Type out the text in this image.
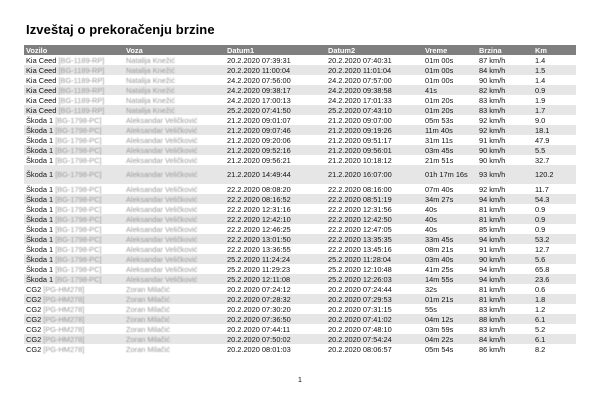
Izveštaj o prekoračenju brzine
Vozilo	Voza	Datum1	Datum2	Vreme	Brzina	Km
Kia Ceed [BG-1189-RP]	Natalija Knežić	20.2.2020 07:39:31	20.2.2020 07:40:31	01m 00s	87 km/h	1.4
Kia Ceed [BG-1189-RP]	Natalija Knežić	20.2.2020 11:00:04	20.2.2020 11:01:04	01m 00s	84 km/h	1.5
Kia Ceed [BG-1189-RP]	Natalija Knežić	24.2.2020 07:56:00	24.2.2020 07:57:00	01m 00s	90 km/h	1.4
Kia Ceed [BG-1189-RP]	Natalija Knežić	24.2.2020 09:38:17	24.2.2020 09:38:58	41s	82 km/h	0.9
Kia Ceed [BG-1189-RP]	Natalija Knežić	24.2.2020 17:00:13	24.2.2020 17:01:33	01m 20s	83 km/h	1.9
Kia Ceed [BG-1189-RP]	Natalija Knežić	25.2.2020 07:41:50	25.2.2020 07:43:10	01m 20s	83 km/h	1.7
Škoda 1 [BG-1798-PC]	Aleksandar Veličković	21.2.2020 09:01:07	21.2.2020 09:07:00	05m 53s	92 km/h	9.0
Škoda 1 [BG-1798-PC]	Aleksandar Veličković	21.2.2020 09:07:46	21.2.2020 09:19:26	11m 40s	92 km/h	18.1
Škoda 1 [BG-1798-PC]	Aleksandar Veličković	21.2.2020 09:20:06	21.2.2020 09:51:17	31m 11s	91 km/h	47.9
Škoda 1 [BG-1798-PC]	Aleksandar Veličković	21.2.2020 09:52:16	21.2.2020 09:56:01	03m 45s	90 km/h	5.5
Škoda 1 [BG-1798-PC]	Aleksandar Veličković	21.2.2020 09:56:21	21.2.2020 10:18:12	21m 51s	90 km/h	32.7
Škoda 1 [BG-1798-PC]	Aleksandar Veličković	21.2.2020 14:49:44	21.2.2020 16:07:00	01h 17m 16s	93 km/h	120.2
Škoda 1 [BG-1798-PC]	Aleksandar Veličković	22.2.2020 08:08:20	22.2.2020 08:16:00	07m 40s	92 km/h	11.7
Škoda 1 [BG-1798-PC]	Aleksandar Veličković	22.2.2020 08:16:52	22.2.2020 08:51:19	34m 27s	94 km/h	54.3
Škoda 1 [BG-1798-PC]	Aleksandar Veličković	22.2.2020 12:31:16	22.2.2020 12:31:56	40s	81 km/h	0.9
Škoda 1 [BG-1798-PC]	Aleksandar Veličković	22.2.2020 12:42:10	22.2.2020 12:42:50	40s	81 km/h	0.9
Škoda 1 [BG-1798-PC]	Aleksandar Veličković	22.2.2020 12:46:25	22.2.2020 12:47:05	40s	85 km/h	0.9
Škoda 1 [BG-1798-PC]	Aleksandar Veličković	22.2.2020 13:01:50	22.2.2020 13:35:35	33m 45s	94 km/h	53.2
Škoda 1 [BG-1798-PC]	Aleksandar Veličković	22.2.2020 13:36:55	22.2.2020 13:45:16	08m 21s	91 km/h	12.7
Škoda 1 [BG-1798-PC]	Aleksandar Veličković	25.2.2020 11:24:24	25.2.2020 11:28:04	03m 40s	90 km/h	5.6
Škoda 1 [BG-1798-PC]	Aleksandar Veličković	25.2.2020 11:29:23	25.2.2020 12:10:48	41m 25s	94 km/h	65.8
Škoda 1 [BG-1798-PC]	Aleksandar Veličković	25.2.2020 12:11:08	25.2.2020 12:26:03	14m 55s	94 km/h	23.6
CG2 [PG-HM278]	Zoran Milačić	20.2.2020 07:24:12	20.2.2020 07:24:44	32s	81 km/h	0.6
CG2 [PG-HM278]	Zoran Milačić	20.2.2020 07:28:32	20.2.2020 07:29:53	01m 21s	81 km/h	1.8
CG2 [PG-HM278]	Zoran Milačić	20.2.2020 07:30:20	20.2.2020 07:31:15	55s	83 km/h	1.2
CG2 [PG-HM278]	Zoran Milačić	20.2.2020 07:36:50	20.2.2020 07:41:02	04m 12s	88 km/h	6.1
CG2 [PG-HM278]	Zoran Milačić	20.2.2020 07:44:11	20.2.2020 07:48:10	03m 59s	83 km/h	5.2
CG2 [PG-HM278]	Zoran Milačić	20.2.2020 07:50:02	20.2.2020 07:54:24	04m 22s	84 km/h	6.1
CG2 [PG-HM278]	Zoran Milačić	20.2.2020 08:01:03	20.2.2020 08:06:57	05m 54s	86 km/h	8.2
1
